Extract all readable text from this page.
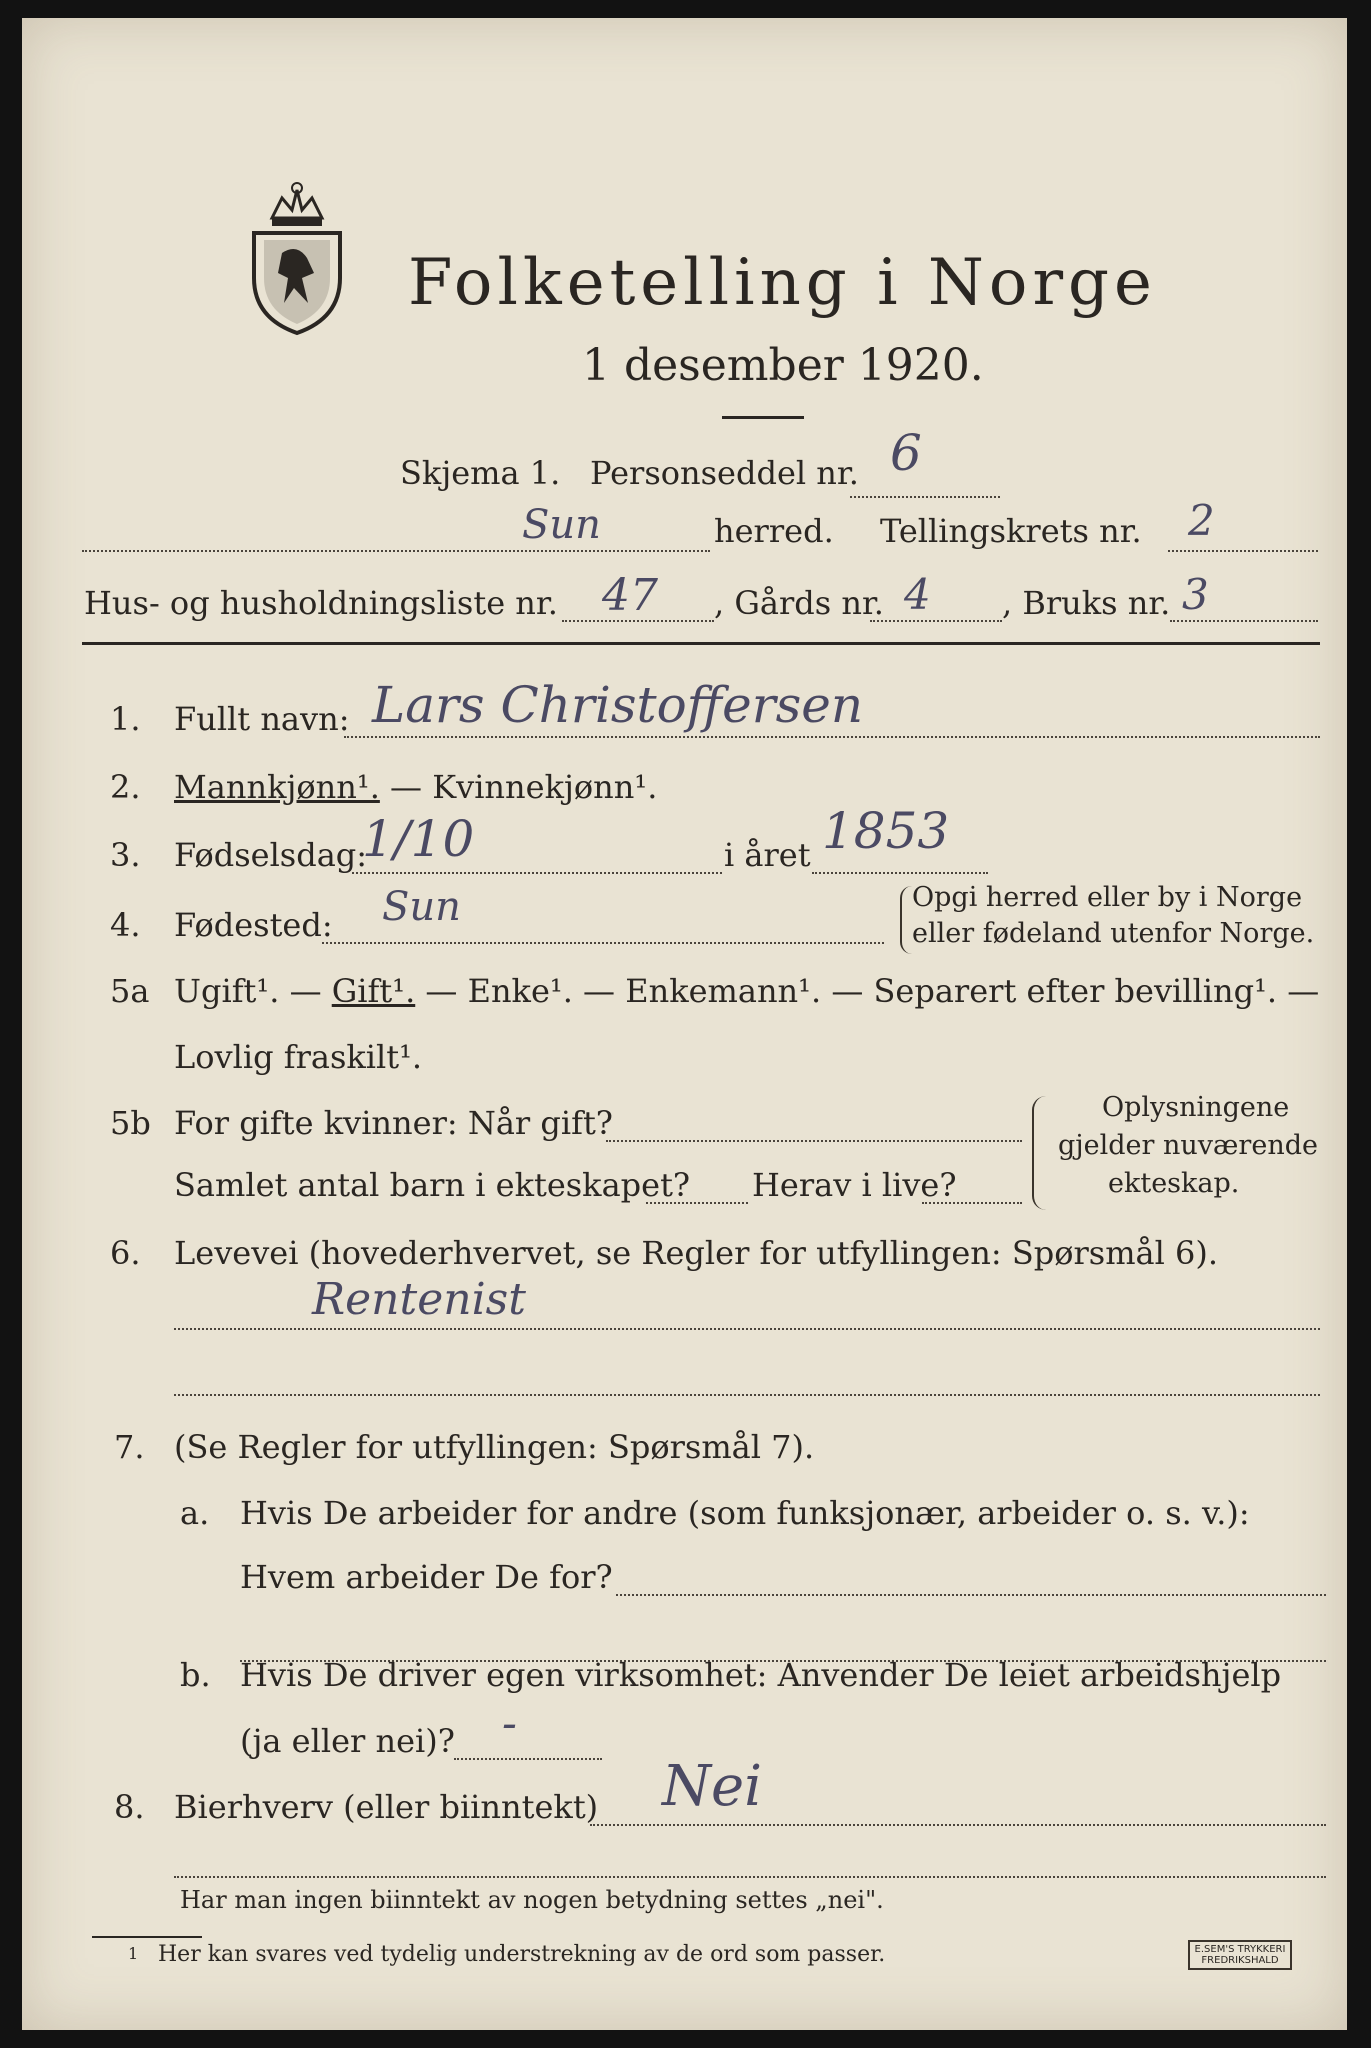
Folketelling i Norge
1 desember 1920.
Skjema 1. Personseddel nr. 6
Sun	herred. Tellingskrets nr. 2
Hus- og husholdningsliste nr. 47 , Gårds nr. 4 , Bruks nr. 3
1. Fullt navn: Lars Christoffersen
2. Mannkjønn¹. — Kvinnekjønn¹.
3. Fødselsdag:
1/10	i året 1853
4. Fødested: Sun	Opgi herred eller by i Norge
eller fødeland utenfor Norge.
5a Ugift¹. — Gift¹. — Enke¹. — Enkemann¹. — Separert efter bevilling¹. —
Lovlig fraskilt¹.
5b For gifte kvinner: Når gift?
Samlet antal barn i ekteskapet? Herav i live?
Oplysningene
gjelder nuværende
ekteskap.
6. Levevei (hovederhvervet, se Regler for utfyllingen: Spørsmål 6).
Rentenist
7. (Se Regler for utfyllingen: Spørsmål 7).
a. Hvis De arbeider for andre (som funksjonær, arbeider o. s. v.):
Hvem arbeider De for?
b. Hvis De driver egen virksomhet: Anvender De leiet arbeidshjelp
(ja eller nei)? -
8. Bierhverv (eller biinntekt) Nei
Har man ingen biinntekt av nogen betydning settes „nei".
1 Her kan svares ved tydelig understrekning av de ord som passer.	E.SEM'S TRYKKERI
FREDRIKSHALD
